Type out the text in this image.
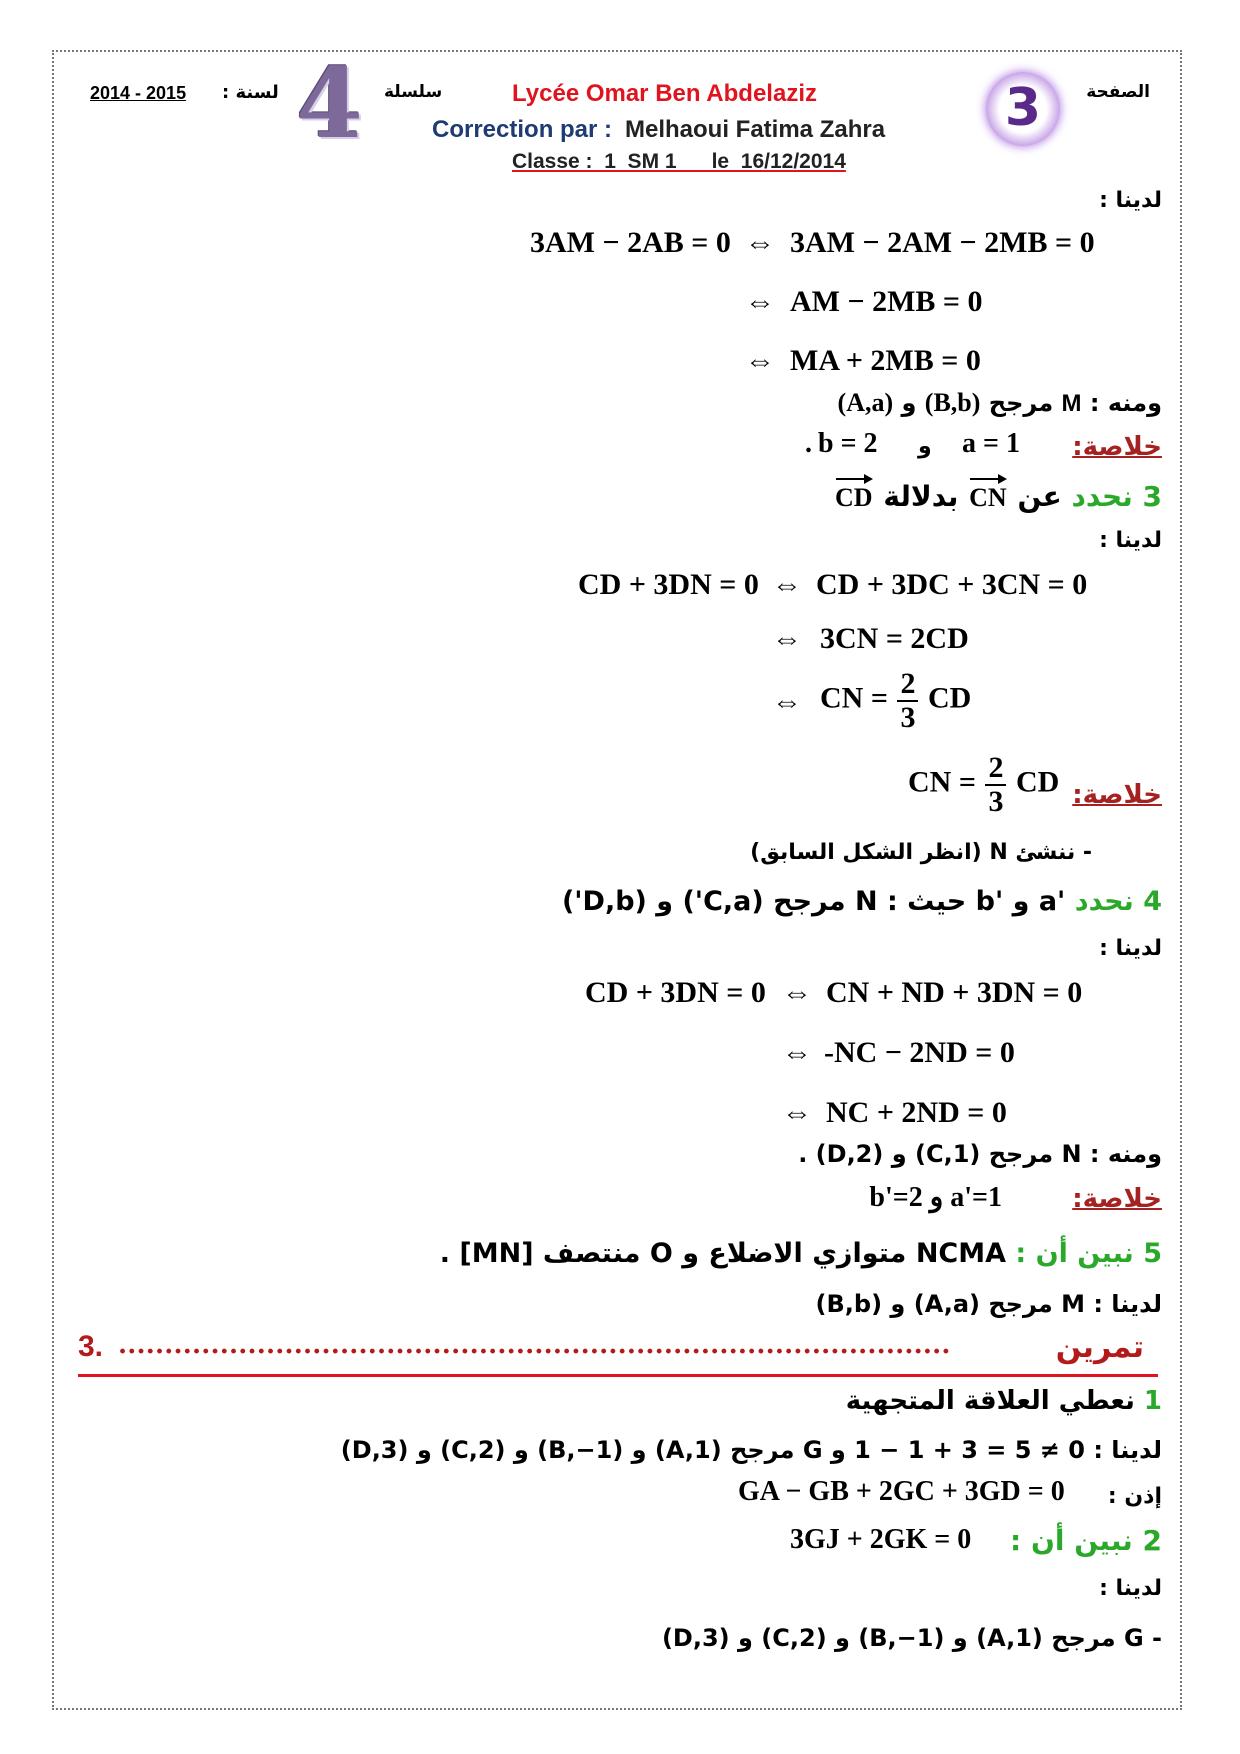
الصفحة
3
Lycée Omar Ben Abdelaziz
Correction par : Melhaoui Fatima Zahra
Classe :  1  SM 1      le  16/12/2014
سلسلة
4
لسنة :
2014 - 2015
لدينا :
3AM − 2AB = 0 ⇔ 3AM − 2AM − 2MB = 0
⇔ AM − 2MB = 0
⇔ MA + 2MB = 0
ومنه : M مرجح (B,b) و (A,a)
خلاصة:
a = 1
و
b = 2
.
3 نحدد عن CN بدلالة CD
لدينا :
CD + 3DN = 0 ⇔ CD + 3DC + 3CN = 0
⇔ 3CN = 2CD
⇔ CN = $\frac{2}{3}$ CD
CN = $\frac{2}{3}$ CD خلاصة:
- ننشئ N (انظر الشكل السابق)
4 نحدد 'a و 'b حيث : N مرجح (C,a') و (D,b')
لدينا :
CD + 3DN = 0 ⇔ CN + ND + 3DN = 0
⇔ -NC − 2ND = 0
⇔ NC + 2ND = 0
ومنه : N مرجح (C,1) و (D,2) .
خلاصة:
a'=1 و b'=2
5 نبين أن : NCMA متوازي الاضلاع و O منتصف [MN] .
لدينا : M مرجح (A,a) و (B,b)
تمرين
..........................................................................................
3.
1 نعطي العلاقة المتجهية
لدينا : 0 ≠ 5 = 3 + 1 − 1 و G مرجح (A,1) و (B,−1) و (C,2) و (D,3)
إذن :
GA − GB + 2GC + 3GD = 0
2 نبين أن :
3GJ + 2GK = 0
لدينا :
- G مرجح (A,1) و (B,−1) و (C,2) و (D,3)
